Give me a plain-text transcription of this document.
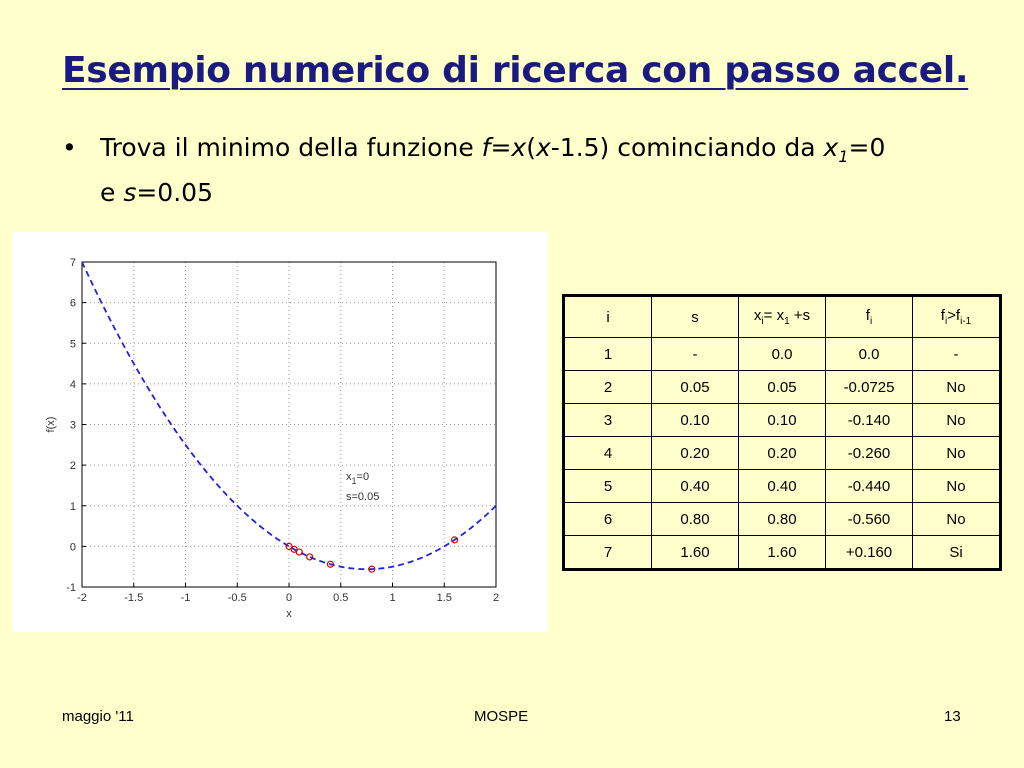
Esempio numerico di ricerca con passo accel.
• Trova il minimo della funzione f=x(x-1.5) cominciando da $x_1=0$
e s=0.05
-2	-1.5	-1	-0.5	0	0.5	1	1.5	2
-1
0
1
2
3
4
5
6
7
x
f(x)
$x_1=0$
s=0.05
i	s	$x_i= x_1 +s$	$f_i$	$f_i>f_{i-1}$
1	-	0.0	0.0	-
2	0.05	0.05	-0.0725	No
3	0.10	0.10	-0.140	No
4	0.20	0.20	-0.260	No
5	0.40	0.40	-0.440	No
6	0.80	0.80	-0.560	No
7	1.60	1.60	+0.160	Si
maggio '11	MOSPE	13
